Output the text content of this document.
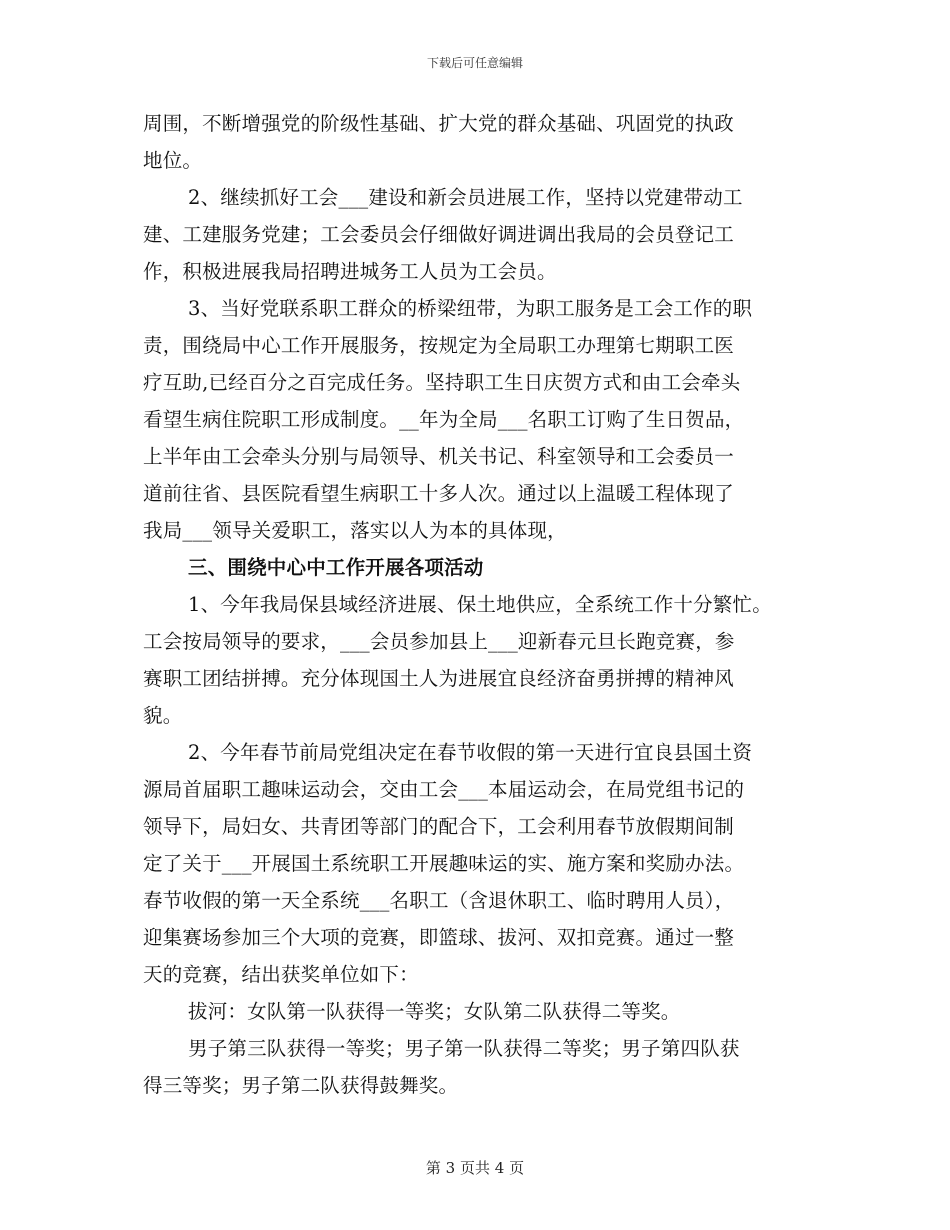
下载后可任意编辑
周围，不断增强党的阶级性基础、扩大党的群众基础、巩固党的执政
地位。
2、继续抓好工会___建设和新会员进展工作，坚持以党建带动工
建、工建服务党建；工会委员会仔细做好调进调出我局的会员登记工
作，积极进展我局招聘进城务工人员为工会员。
3、当好党联系职工群众的桥梁纽带，为职工服务是工会工作的职
责，围绕局中心工作开展服务，按规定为全局职工办理第七期职工医
疗互助,已经百分之百完成任务。坚持职工生日庆贺方式和由工会牵头
看望生病住院职工形成制度。__年为全局___名职工订购了生日贺品，
上半年由工会牵头分别与局领导、机关书记、科室领导和工会委员一
道前往省、县医院看望生病职工十多人次。通过以上温暖工程体现了
我局___领导关爱职工，落实以人为本的具体现，
三、围绕中心中工作开展各项活动
1、今年我局保县域经济进展、保土地供应，全系统工作十分繁忙。
工会按局领导的要求，___会员参加县上___迎新春元旦长跑竞赛，参
赛职工团结拼搏。充分体现国土人为进展宜良经济奋勇拼搏的精神风
貌。
2、今年春节前局党组决定在春节收假的第一天进行宜良县国土资
源局首届职工趣味运动会，交由工会___本届运动会，在局党组书记的
领导下，局妇女、共青团等部门的配合下，工会利用春节放假期间制
定了关于___开展国土系统职工开展趣味运的实、施方案和奖励办法。
春节收假的第一天全系统___名职工（含退休职工、临时聘用人员），
迎集赛场参加三个大项的竞赛，即篮球、拔河、双扣竞赛。通过一整
天的竞赛，结出获奖单位如下：
拔河：女队第一队获得一等奖；女队第二队获得二等奖。
男子第三队获得一等奖；男子第一队获得二等奖；男子第四队获
得三等奖；男子第二队获得鼓舞奖。
第 3 页共 4 页
